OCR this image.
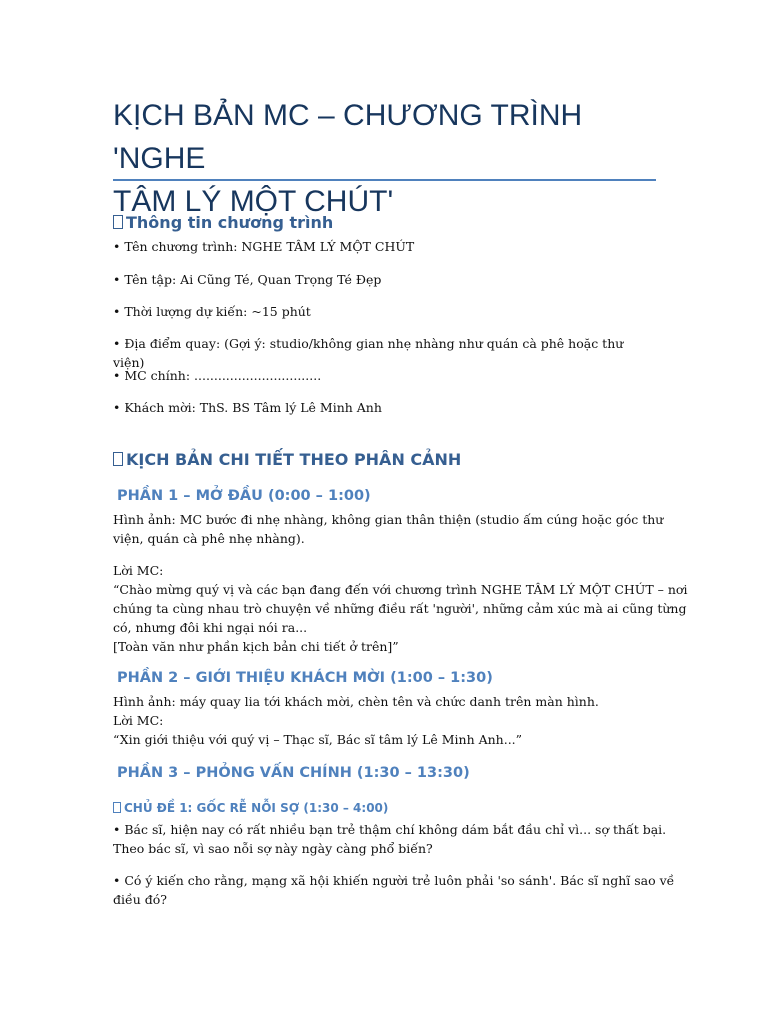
KỊCH BẢN MC – CHƯƠNG TRÌNH 'NGHE
TÂM LÝ MỘT CHÚT'
Thông tin chương trình

• Tên chương trình: NGHE TÂM LÝ MỘT CHÚT

• Tên tập: Ai Cũng Té, Quan Trọng Té Đẹp

• Thời lượng dự kiến: ~15 phút

• Địa điểm quay: (Gợi ý: studio/không gian nhẹ nhàng như quán cà phê hoặc thư viện)

• MC chính: ................................

• Khách mời: ThS. BS Tâm lý Lê Minh Anh

KỊCH BẢN CHI TIẾT THEO PHÂN CẢNH
PHẦN 1 – MỞ ĐẦU (0:00 – 1:00)

Hình ảnh: MC bước đi nhẹ nhàng, không gian thân thiện (studio ấm cúng hoặc góc thư
viện, quán cà phê nhẹ nhàng).

Lời MC:
“Chào mừng quý vị và các bạn đang đến với chương trình NGHE TÂM LÝ MỘT CHÚT – nơi
chúng ta cùng nhau trò chuyện về những điều rất 'người', những cảm xúc mà ai cũng từng
có, nhưng đôi khi ngại nói ra...
[Toàn văn như phần kịch bản chi tiết ở trên]”

PHẦN 2 – GIỚI THIỆU KHÁCH MỜI (1:00 – 1:30)

Hình ảnh: máy quay lia tới khách mời, chèn tên và chức danh trên màn hình.
Lời MC:
“Xin giới thiệu với quý vị – Thạc sĩ, Bác sĩ tâm lý Lê Minh Anh...”

PHẦN 3 – PHỎNG VẤN CHÍNH (1:30 – 13:30)
CHỦ ĐỀ 1: GỐC RỄ NỖI SỢ (1:30 – 4:00)

• Bác sĩ, hiện nay có rất nhiều bạn trẻ thậm chí không dám bắt đầu chỉ vì... sợ thất bại.
Theo bác sĩ, vì sao nỗi sợ này ngày càng phổ biến?

• Có ý kiến cho rằng, mạng xã hội khiến người trẻ luôn phải 'so sánh'. Bác sĩ nghĩ sao về
điều đó?
